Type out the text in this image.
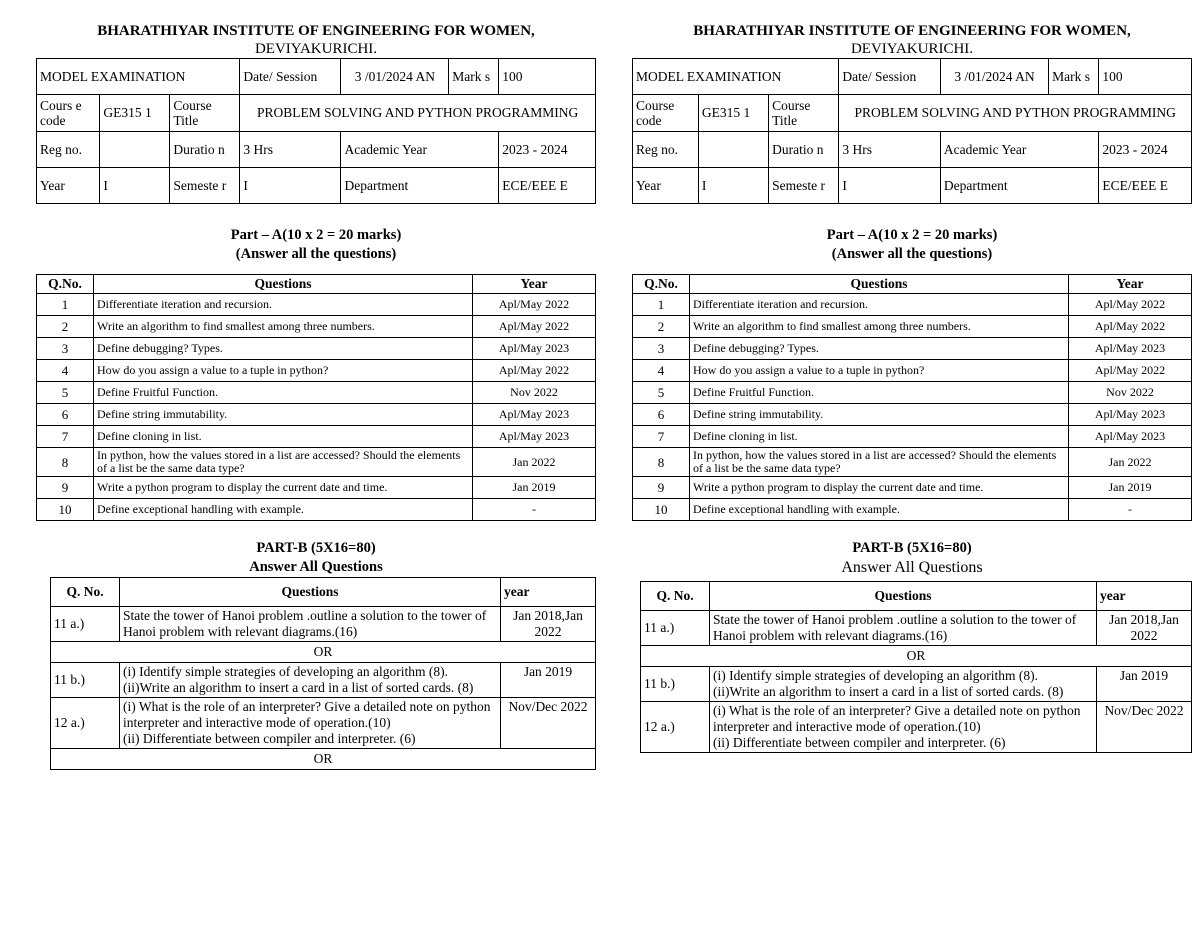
BHARATHIYAR INSTITUTE OF ENGINEERING FOR WOMEN,
DEVIYAKURICHI.
MODEL EXAMINATION			Date/ Session	3 /01/2024 AN	Mark s	100
Cours e code	GE315 1	Course Title	PROBLEM SOLVING AND PYTHON PROGRAMMING			
Reg no.		Duratio n	3 Hrs	Academic Year		2023 - 2024
Year	I	Semeste r	I	Department		ECE/EEE E
Part – A(10 x 2 = 20 marks)
(Answer all the questions)
Q.No.	Questions	Year
1	Differentiate iteration and recursion.	Apl/May 2022
2	Write an algorithm to find smallest among three numbers.	Apl/May 2022
3	Define debugging? Types.	Apl/May 2023
4	How do you assign a value to a tuple in python?	Apl/May 2022
5	Define Fruitful Function.	Nov 2022
6	Define string immutability.	Apl/May 2023
7	Define cloning in list.	Apl/May 2023
8	In python, how the values stored in a list are accessed? Should the elements of a list be the same data type?	Jan 2022
9	Write a python program to display the current date and time.	Jan 2019
10	Define exceptional handling with example.	-
PART-B (5X16=80)
Answer All Questions
Q. No.	Questions	year
11 a.)	State the tower of Hanoi problem .outline a solution to the tower of Hanoi problem with relevant diagrams.(16)	Jan 2018,Jan 2022
OR		
11 b.)	(i) Identify simple strategies of developing an algorithm (8).
(ii)Write an algorithm to insert a card in a list of sorted cards. (8)	Jan 2019
12 a.)	(i) What is the role of an interpreter? Give a detailed note on python interpreter and interactive mode of operation.(10)
(ii) Differentiate between compiler and interpreter. (6)	Nov/Dec 2022
OR		
BHARATHIYAR INSTITUTE OF ENGINEERING FOR WOMEN,
DEVIYAKURICHI.
MODEL EXAMINATION			Date/ Session	3 /01/2024 AN	Mark s	100
Course code	GE315 1	Course Title	PROBLEM SOLVING AND PYTHON PROGRAMMING			
Reg no.		Duratio n	3 Hrs	Academic Year		2023 - 2024
Year	I	Semeste r	I	Department		ECE/EEE E
Part – A(10 x 2 = 20 marks)
(Answer all the questions)
Q.No.	Questions	Year
1	Differentiate iteration and recursion.	Apl/May 2022
2	Write an algorithm to find smallest among three numbers.	Apl/May 2022
3	Define debugging? Types.	Apl/May 2023
4	How do you assign a value to a tuple in python?	Apl/May 2022
5	Define Fruitful Function.	Nov 2022
6	Define string immutability.	Apl/May 2023
7	Define cloning in list.	Apl/May 2023
8	In python, how the values stored in a list are accessed? Should the elements of a list be the same data type?	Jan 2022
9	Write a python program to display the current date and time.	Jan 2019
10	Define exceptional handling with example.	-
PART-B (5X16=80)
Answer All Questions
Q. No.	Questions	year
11 a.)	State the tower of Hanoi problem .outline a solution to the tower of Hanoi problem with relevant diagrams.(16)	Jan 2018,Jan 2022
OR		
11 b.)	(i) Identify simple strategies of developing an algorithm (8).
(ii)Write an algorithm to insert a card in a list of sorted cards. (8)	Jan 2019
12 a.)	(i) What is the role of an interpreter? Give a detailed note on python interpreter and interactive mode of operation.(10)
(ii) Differentiate between compiler and interpreter. (6)	Nov/Dec 2022
